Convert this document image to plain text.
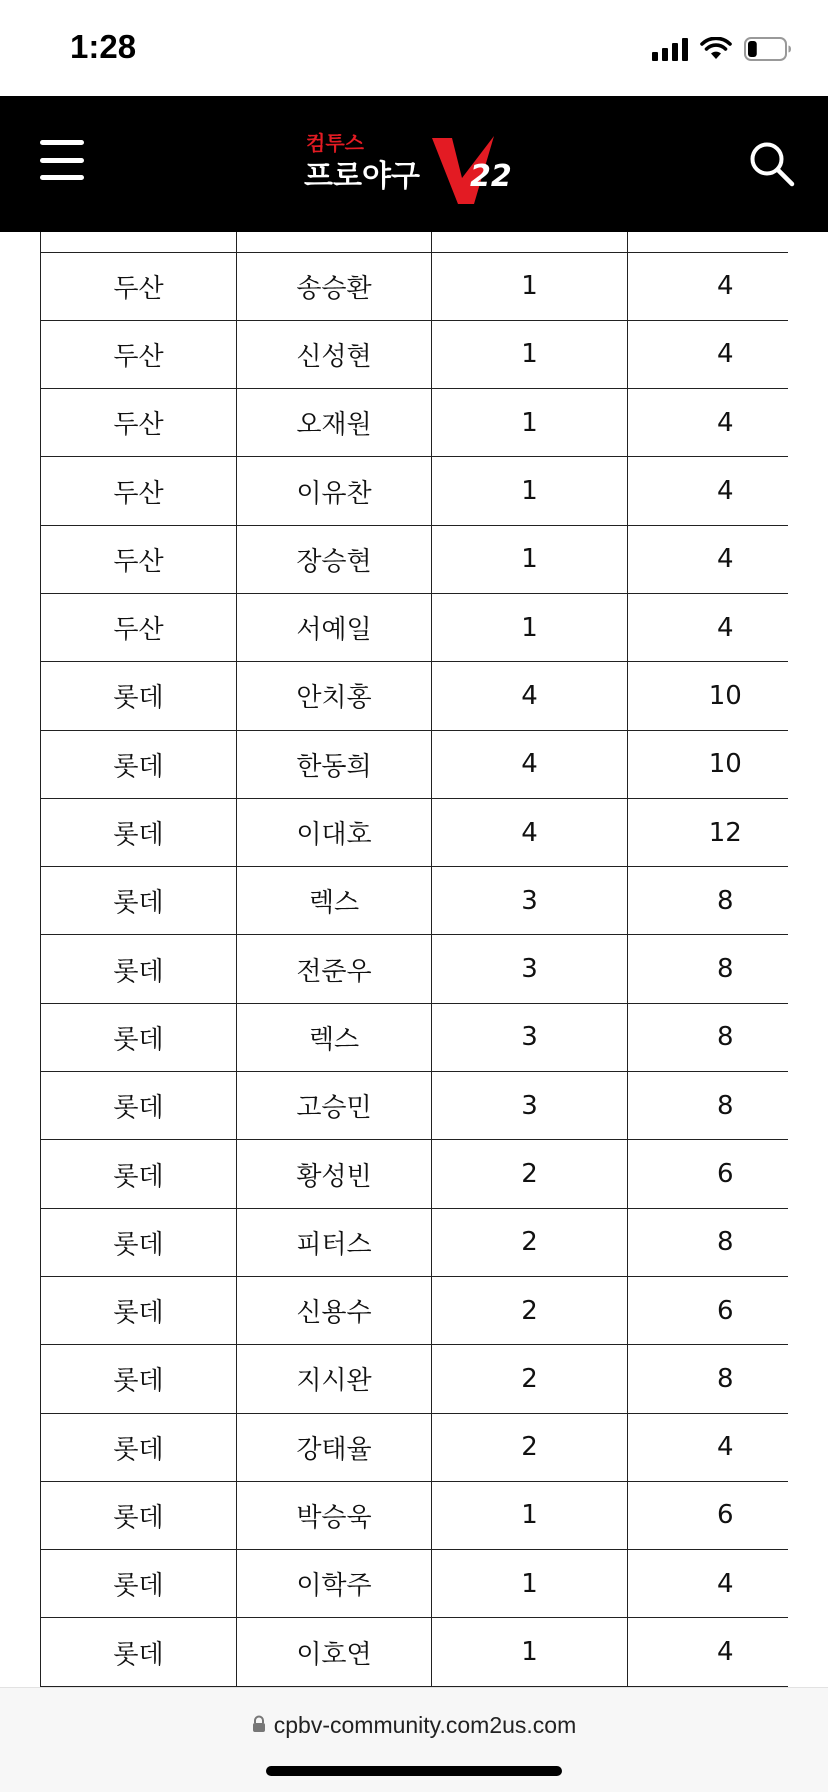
1:28
컴투스
프로야구 22

두산	송승환	1	4
두산	신성현	1	4
두산	오재원	1	4
두산	이유찬	1	4
두산	장승현	1	4
두산	서예일	1	4
롯데	안치홍	4	10
롯데	한동희	4	10
롯데	이대호	4	12
롯데	렉스	3	8
롯데	전준우	3	8
롯데	렉스	3	8
롯데	고승민	3	8
롯데	황성빈	2	6
롯데	피터스	2	8
롯데	신용수	2	6
롯데	지시완	2	8
롯데	강태율	2	4
롯데	박승욱	1	6
롯데	이학주	1	4
롯데	이호연	1	4
cpbv-community.com2us.com
